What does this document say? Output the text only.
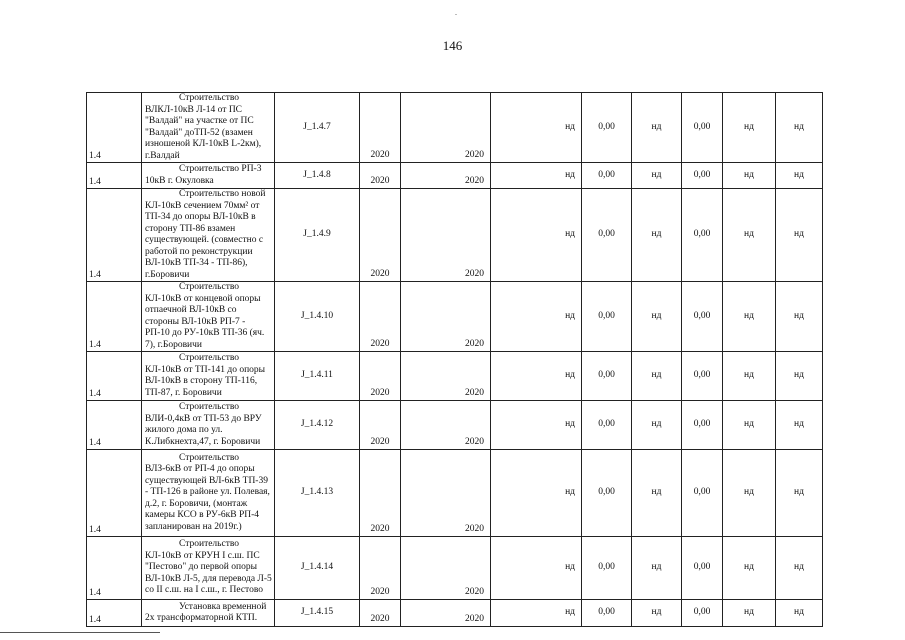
146
1.4	Строительство ВЛКЛ-10кВ Л-14 от ПС "Валдай" на участке от ПС "Валдай" доТП-52 (взамен изношеной КЛ-10кВ L-2км), г.Валдай	J_1.4.7	2020	2020	нд	0,00	нд	0,00	нд	нд
1.4	Строительство РП-3 10кВ г. Окуловка	J_1.4.8	2020	2020	нд	0,00	нд	0,00	нд	нд
1.4	Строительство новой КЛ-10кВ сечением 70мм² от ТП-34 до опоры ВЛ-10кВ в сторону ТП-86 взамен существующей. (совместно с работой по реконструкции ВЛ-10кВ ТП-34 - ТП-86), г.Боровичи	J_1.4.9	2020	2020	нд	0,00	нд	0,00	нд	нд
1.4	Строительство КЛ-10кВ от концевой опоры отпаечной ВЛ-10кВ со стороны ВЛ-10кВ РП-7 - РП-10 до РУ-10кВ ТП-36 (яч. 7), г.Боровичи	J_1.4.10	2020	2020	нд	0,00	нд	0,00	нд	нд
1.4	Строительство КЛ-10кВ от ТП-141 до опоры ВЛ-10кВ в сторону ТП-116, ТП-87, г. Боровичи	J_1.4.11	2020	2020	нд	0,00	нд	0,00	нд	нд
1.4	Строительство ВЛИ-0,4кВ от ТП-53 до ВРУ жилого дома по ул. К.Либкнехта,47, г. Боровичи	J_1.4.12	2020	2020	нд	0,00	нд	0,00	нд	нд
1.4	Строительство ВЛЗ-6кВ от РП-4 до опоры существующей ВЛ-6кВ ТП-39 - ТП-126 в районе ул. Полевая, д.2, г. Боровичи, (монтаж камеры КСО в РУ-6кВ РП-4 запланирован на 2019г.)	J_1.4.13	2020	2020	нд	0,00	нд	0,00	нд	нд
1.4	Строительство КЛ-10кВ от КРУН I с.ш. ПС "Пестово" до первой опоры ВЛ-10кВ Л-5, для перевода Л-5 со II с.ш. на I с.ш., г. Пестово	J_1.4.14	2020	2020	нд	0,00	нд	0,00	нд	нд
1.4	Установка временной 2х трансформаторной КТП.	J_1.4.15	2020	2020	нд	0,00	нд	0,00	нд	нд
